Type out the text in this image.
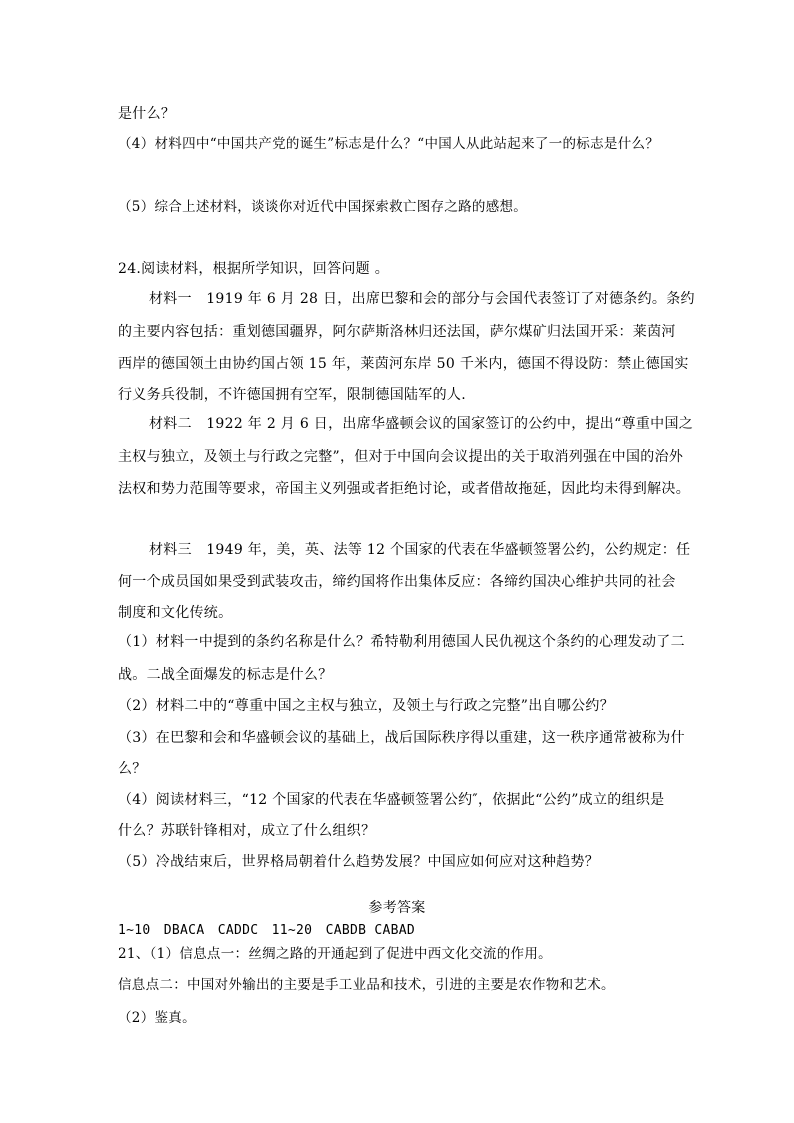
是什么？
（4）材料四中“中国共产党的诞生”标志是什么？“中国人从此站起来了一的标志是什么？
（5）综合上述材料，谈谈你对近代中国探索救亡图存之路的感想。
24.阅读材料，根据所学知识，回答问题 。
材料一　1919 年 6 月 28 日，出席巴黎和会的部分与会国代表签订了对德条约。条约
的主要内容包括：重划德国疆界，阿尔萨斯洛林归还法国，萨尔煤矿归法国开采：莱茵河
西岸的德国领土由协约国占领 15 年，莱茵河东岸 50 千米内，德国不得设防：禁止德国实
行义务兵役制，不许德国拥有空军，限制德国陆军的人.
材料二　1922 年 2 月 6 日，出席华盛顿会议的国家签订的公约中，提出“尊重中国之
主权与独立，及领土与行政之完整”，但对于中国向会议提出的关于取消列强在中国的治外
法权和势力范围等要求，帝国主义列强或者拒绝讨论，或者借故拖延，因此均未得到解决。
材料三　1949 年，美，英、法等 12 个国家的代表在华盛顿签署公约，公约规定：任
何一个成员国如果受到武装攻击，缔约国将作出集体反应：各缔约国决心维护共同的社会
制度和文化传统。
（1）材料一中提到的条约名称是什么？希特勒利用德国人民仇视这个条约的心理发动了二
战。二战全面爆发的标志是什么？
（2）材料二中的“尊重中国之主权与独立，及领土与行政之完整”出自哪公约？
（3）在巴黎和会和华盛顿会议的基础上，战后国际秩序得以重建，这一秩序通常被称为什
么？
（4）阅读材料三，“12 个国家的代表在华盛顿签署公约″，依据此“公约”成立的组织是
什么？苏联针锋相对，成立了什么组织？
（5）冷战结束后，世界格局朝着什么趋势发展？中国应如何应对这种趋势？
参考答案
1~10　DBACA　CADDC　11~20　CABDB CABAD
21、（1）信息点一：丝绸之路的开通起到了促进中西文化交流的作用。
信息点二：中国对外输出的主要是手工业品和技术，引进的主要是农作物和艺术。
（2）鉴真。
